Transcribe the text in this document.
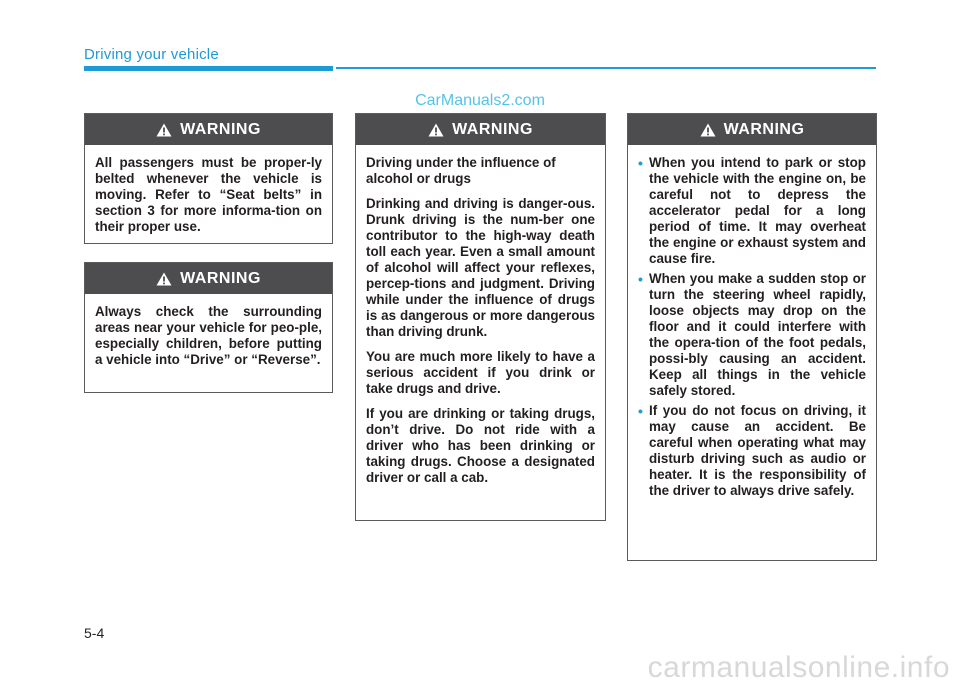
Driving your vehicle
CarManuals2.com
WARNING

All passengers must be proper-ly belted whenever the vehicle is moving. Refer to “Seat belts” in section 3 for more informa-tion on their proper use.

WARNING

Always check the surrounding areas near your vehicle for peo-ple, especially children, before putting a vehicle into “Drive” or “Reverse”.

WARNING

Driving under the influence of alcohol or drugs

Drinking and driving is danger-ous. Drunk driving is the num-ber one contributor to the high-way death toll each year. Even a small amount of alcohol will affect your reflexes, percep-tions and judgment. Driving while under the influence of drugs is as dangerous or more dangerous than driving drunk.

You are much more likely to have a serious accident if you drink or take drugs and drive.

If you are drinking or taking drugs, don’t drive. Do not ride with a driver who has been drinking or taking drugs. Choose a designated driver or call a cab.

WARNING
• When you intend to park or stop the vehicle with the engine on, be careful not to depress the accelerator pedal for a long period of time. It may overheat the engine or exhaust system and cause fire.
• When you make a sudden stop or turn the steering wheel rapidly, loose objects may drop on the floor and it could interfere with the opera-tion of the foot pedals, possi-bly causing an accident. Keep all things in the vehicle safely stored.
• If you do not focus on driving, it may cause an accident. Be careful when operating what may disturb driving such as audio or heater. It is the responsibility of the driver to always drive safely.
5-4
carmanualsonline.info
